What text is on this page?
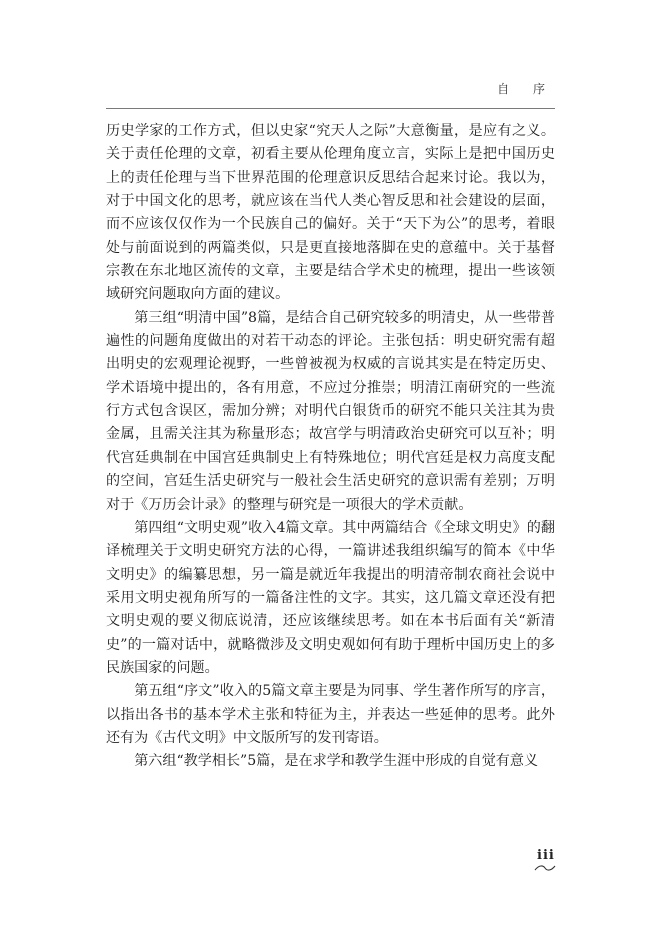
自 序

历史学家的工作方式，但以史家“究天人之际”大意衡量，是应有之义。关于责任伦理的文章，初看主要从伦理角度立言，实际上是把中国历史上的责任伦理与当下世界范围的伦理意识反思结合起来讨论。我以为，对于中国文化的思考，就应该在当代人类心智反思和社会建设的层面，而不应该仅仅作为一个民族自己的偏好。关于“天下为公”的思考，着眼处与前面说到的两篇类似，只是更直接地落脚在史的意蕴中。关于基督宗教在东北地区流传的文章，主要是结合学术史的梳理，提出一些该领域研究问题取向方面的建议。

第三组“明清中国”8篇，是结合自己研究较多的明清史，从一些带普遍性的问题角度做出的对若干动态的评论。主张包括：明史研究需有超出明史的宏观理论视野，一些曾被视为权威的言说其实是在特定历史、学术语境中提出的，各有用意，不应过分推崇；明清江南研究的一些流行方式包含误区，需加分辨；对明代白银货币的研究不能只关注其为贵金属，且需关注其为称量形态；故宫学与明清政治史研究可以互补；明代宫廷典制在中国宫廷典制史上有特殊地位；明代宫廷是权力高度支配的空间，宫廷生活史研究与一般社会生活史研究的意识需有差别；万明对于《万历会计录》的整理与研究是一项很大的学术贡献。

第四组“文明史观”收入4篇文章。其中两篇结合《全球文明史》的翻译梳理关于文明史研究方法的心得，一篇讲述我组织编写的简本《中华文明史》的编纂思想，另一篇是就近年我提出的明清帝制农商社会说中采用文明史视角所写的一篇备注性的文字。其实，这几篇文章还没有把文明史观的要义彻底说清，还应该继续思考。如在本书后面有关“新清史”的一篇对话中，就略微涉及文明史观如何有助于理析中国历史上的多民族国家的问题。

第五组“序文”收入的5篇文章主要是为同事、学生著作所写的序言，以指出各书的基本学术主张和特征为主，并表达一些延伸的思考。此外还有为《古代文明》中文版所写的发刊寄语。

第六组“教学相长”5篇，是在求学和教学生涯中形成的自觉有意义

iii
